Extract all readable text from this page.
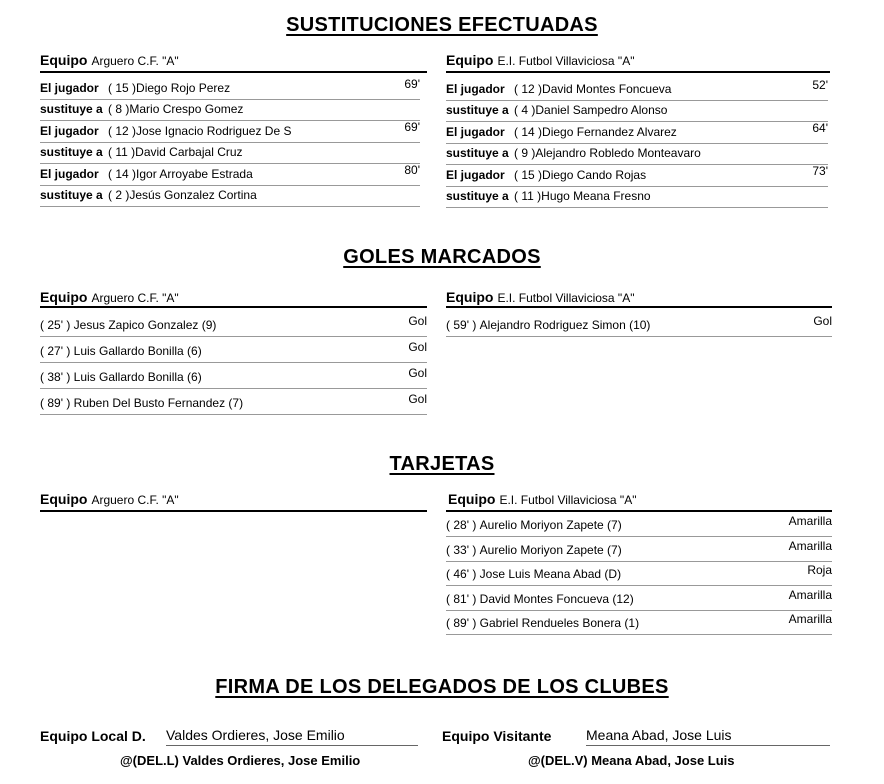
SUSTITUCIONES EFECTUADAS
GOLES MARCADOS
TARJETAS
FIRMA DE LOS DELEGADOS DE LOS CLUBES
Equipo Arguero C.F. "A"	Equipo E.I. Futbol Villaviciosa "A"
El jugador ( 15 )Diego Rojo Perez	69'
sustituye a ( 8 )Mario Crespo Gomez
El jugador ( 12 )Jose Ignacio Rodriguez De S	69'
sustituye a ( 11 )David Carbajal Cruz
El jugador ( 14 )Igor Arroyabe Estrada	80'
sustituye a ( 2 )Jesús Gonzalez Cortina
El jugador ( 12 )David Montes Foncueva	52'
sustituye a ( 4 )Daniel Sampedro Alonso
El jugador ( 14 )Diego Fernandez Alvarez	64'
sustituye a ( 9 )Alejandro Robledo Monteavaro
El jugador ( 15 )Diego Cando Rojas	73'
sustituye a ( 11 )Hugo Meana Fresno
Equipo Arguero C.F. "A"	Equipo E.I. Futbol Villaviciosa "A"
( 25' ) Jesus Zapico Gonzalez (9)	Gol
( 27' ) Luis Gallardo Bonilla (6)	Gol
( 38' ) Luis Gallardo Bonilla (6)	Gol
( 89' ) Ruben Del Busto Fernandez (7)	Gol
( 59' ) Alejandro Rodriguez Simon (10)	Gol
Equipo Arguero C.F. "A"	Equipo E.I. Futbol Villaviciosa "A"
( 28' ) Aurelio Moriyon Zapete (7)	Amarilla
( 33' ) Aurelio Moriyon Zapete (7)	Amarilla
( 46' ) Jose Luis Meana Abad (D)	Roja
( 81' ) David Montes Foncueva (12)	Amarilla
( 89' ) Gabriel Rendueles Bonera (1)	Amarilla
Equipo Local D. Valdes Ordieres, Jose Emilio	Equipo Visitante Meana Abad, Jose Luis
@(DEL.L) Valdes Ordieres, Jose Emilio	@(DEL.V) Meana Abad, Jose Luis
